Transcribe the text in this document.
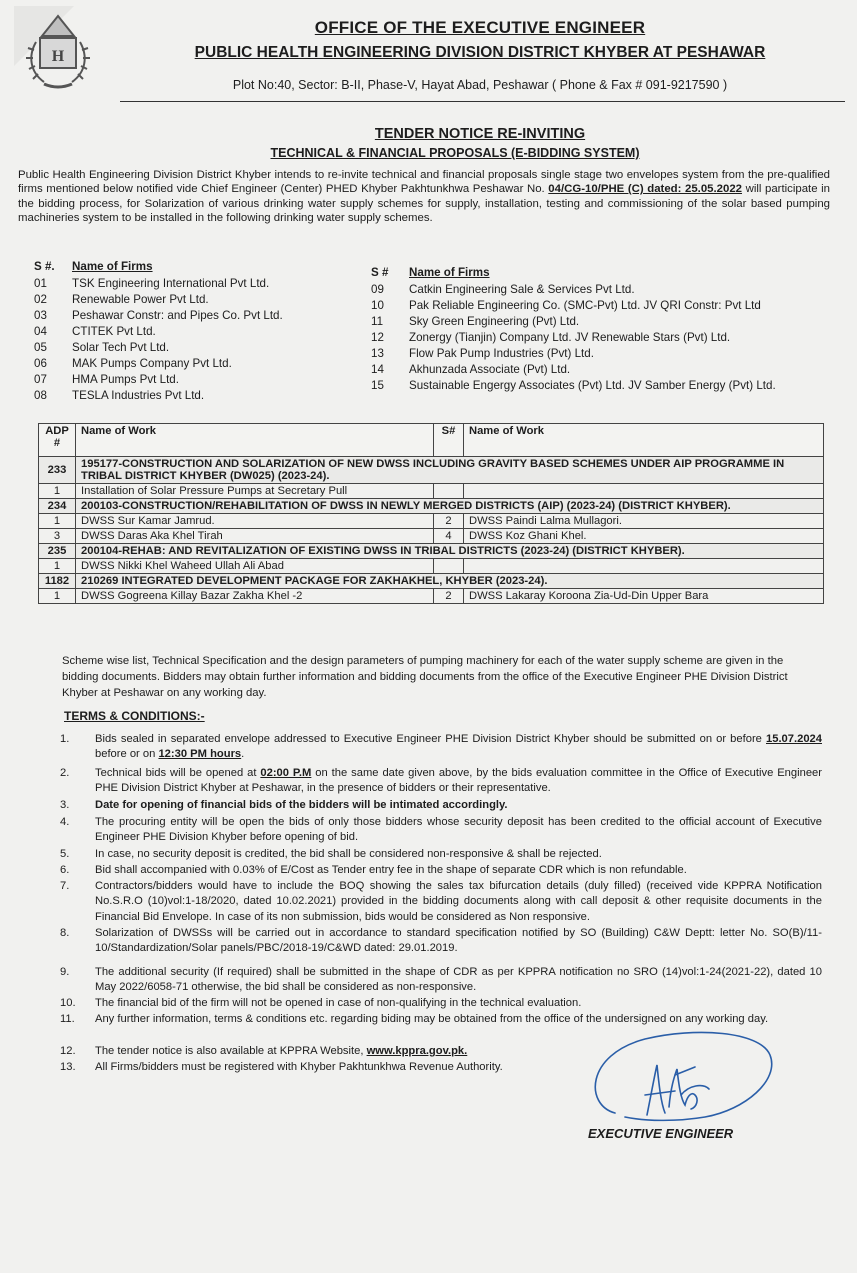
H
OFFICE OF THE EXECUTIVE ENGINEER
PUBLIC HEALTH ENGINEERING DIVISION DISTRICT KHYBER AT PESHAWAR
Plot No:40, Sector: B-II, Phase-V, Hayat Abad, Peshawar ( Phone & Fax # 091-9217590 )
TENDER NOTICE RE-INVITING
TECHNICAL & FINANCIAL PROPOSALS (E-BIDDING SYSTEM)
Public Health Engineering Division District Khyber intends to re-invite technical and financial proposals single stage two envelopes system from the pre-qualified firms mentioned below notified vide Chief Engineer (Center) PHED Khyber Pakhtunkhwa Peshawar No. 04/CG-10/PHE (C) dated: 25.05.2022 will participate in the bidding process, for Solarization of various drinking water supply schemes for supply, installation, testing and commissioning of the solar based pumping machineries system to be installed in the following drinking water supply schemes.
S #. Name of Firms
01 TSK Engineering International Pvt Ltd.
02 Renewable Power Pvt Ltd.
03 Peshawar Constr: and Pipes Co. Pvt Ltd.
04 CTITEK Pvt Ltd.
05 Solar Tech Pvt Ltd.
06 MAK Pumps Company Pvt Ltd.
07 HMA Pumps Pvt Ltd.
08 TESLA Industries Pvt Ltd.
S # Name of Firms
09 Catkin Engineering Sale & Services Pvt Ltd.
10 Pak Reliable Engineering Co. (SMC-Pvt) Ltd. JV QRI Constr: Pvt Ltd
11 Sky Green Engineering (Pvt) Ltd.
12 Zonergy (Tianjin) Company Ltd. JV Renewable Stars (Pvt) Ltd.
13 Flow Pak Pump Industries (Pvt) Ltd.
14 Akhunzada Associate (Pvt) Ltd.
15 Sustainable Engergy Associates (Pvt) Ltd. JV Samber Energy (Pvt) Ltd.
ADP #	Name of Work	S#	Name of Work
233	195177-CONSTRUCTION AND SOLARIZATION OF NEW DWSS INCLUDING GRAVITY BASED SCHEMES UNDER AIP PROGRAMME IN TRIBAL DISTRICT KHYBER (DW025) (2023-24).		
1	Installation of Solar Pressure Pumps at Secretary Pull		
234	200103-CONSTRUCTION/REHABILITATION OF DWSS IN NEWLY MERGED DISTRICTS (AIP) (2023-24) (DISTRICT KHYBER).		
1	DWSS Sur Kamar Jamrud.	2	DWSS Paindi Lalma Mullagori.
3	DWSS Daras Aka Khel Tirah	4	DWSS Koz Ghani Khel.
235	200104-REHAB: AND REVITALIZATION OF EXISTING DWSS IN TRIBAL DISTRICTS (2023-24) (DISTRICT KHYBER).		
1	DWSS Nikki Khel Waheed Ullah Ali Abad		
1182	210269 INTEGRATED DEVELOPMENT PACKAGE FOR ZAKHAKHEL, KHYBER (2023-24).		
1	DWSS Gogreena Killay Bazar Zakha Khel -2	2	DWSS Lakaray Koroona Zia-Ud-Din Upper Bara
Scheme wise list, Technical Specification and the design parameters of pumping machinery for each of the water supply scheme are given in the bidding documents. Bidders may obtain further information and bidding documents from the office of the Executive Engineer PHE Division District Khyber at Peshawar on any working day.
TERMS & CONDITIONS:-
1.	Bids sealed in separated envelope addressed to Executive Engineer PHE Division District Khyber should be submitted on or before 15.07.2024 before or on 12:30 PM hours.
2.	Technical bids will be opened at 02:00 P.M on the same date given above, by the bids evaluation committee in the Office of Executive Engineer PHE Division District Khyber at Peshawar, in the presence of bidders or their representative.
3.	Date for opening of financial bids of the bidders will be intimated accordingly.
4.	The procuring entity will be open the bids of only those bidders whose security deposit has been credited to the official account of Executive Engineer PHE Division Khyber before opening of bid.
5.	In case, no security deposit is credited, the bid shall be considered non-responsive & shall be rejected.
6.	Bid shall accompanied with 0.03% of E/Cost as Tender entry fee in the shape of separate CDR which is non refundable.
7.	Contractors/bidders would have to include the BOQ showing the sales tax bifurcation details (duly filled) (received vide KPPRA Notification No.S.R.O (10)vol:1-18/2020, dated 10.02.2021) provided in the bidding documents along with call deposit & other requisite documents in the Financial Bid Envelope. In case of its non submission, bids would be considered as Non responsive.
8.	Solarization of DWSSs will be carried out in accordance to standard specification notified by SO (Building) C&W Deptt: letter No. SO(B)/11-10/Standardization/Solar panels/PBC/2018-19/C&WD dated: 29.01.2019.
9.	The additional security (If required) shall be submitted in the shape of CDR as per KPPRA notification no SRO (14)vol:1-24(2021-22), dated 10 May 2022/6058-71 otherwise, the bid shall be considered as non-responsive.
10.	The financial bid of the firm will not be opened in case of non-qualifying in the technical evaluation.
11.	Any further information, terms & conditions etc. regarding biding may be obtained from the office of the undersigned on any working day.
12.	The tender notice is also available at KPPRA Website, www.kppra.gov.pk.
13.	All Firms/bidders must be registered with Khyber Pakhtunkhwa Revenue Authority.
EXECUTIVE ENGINEER
